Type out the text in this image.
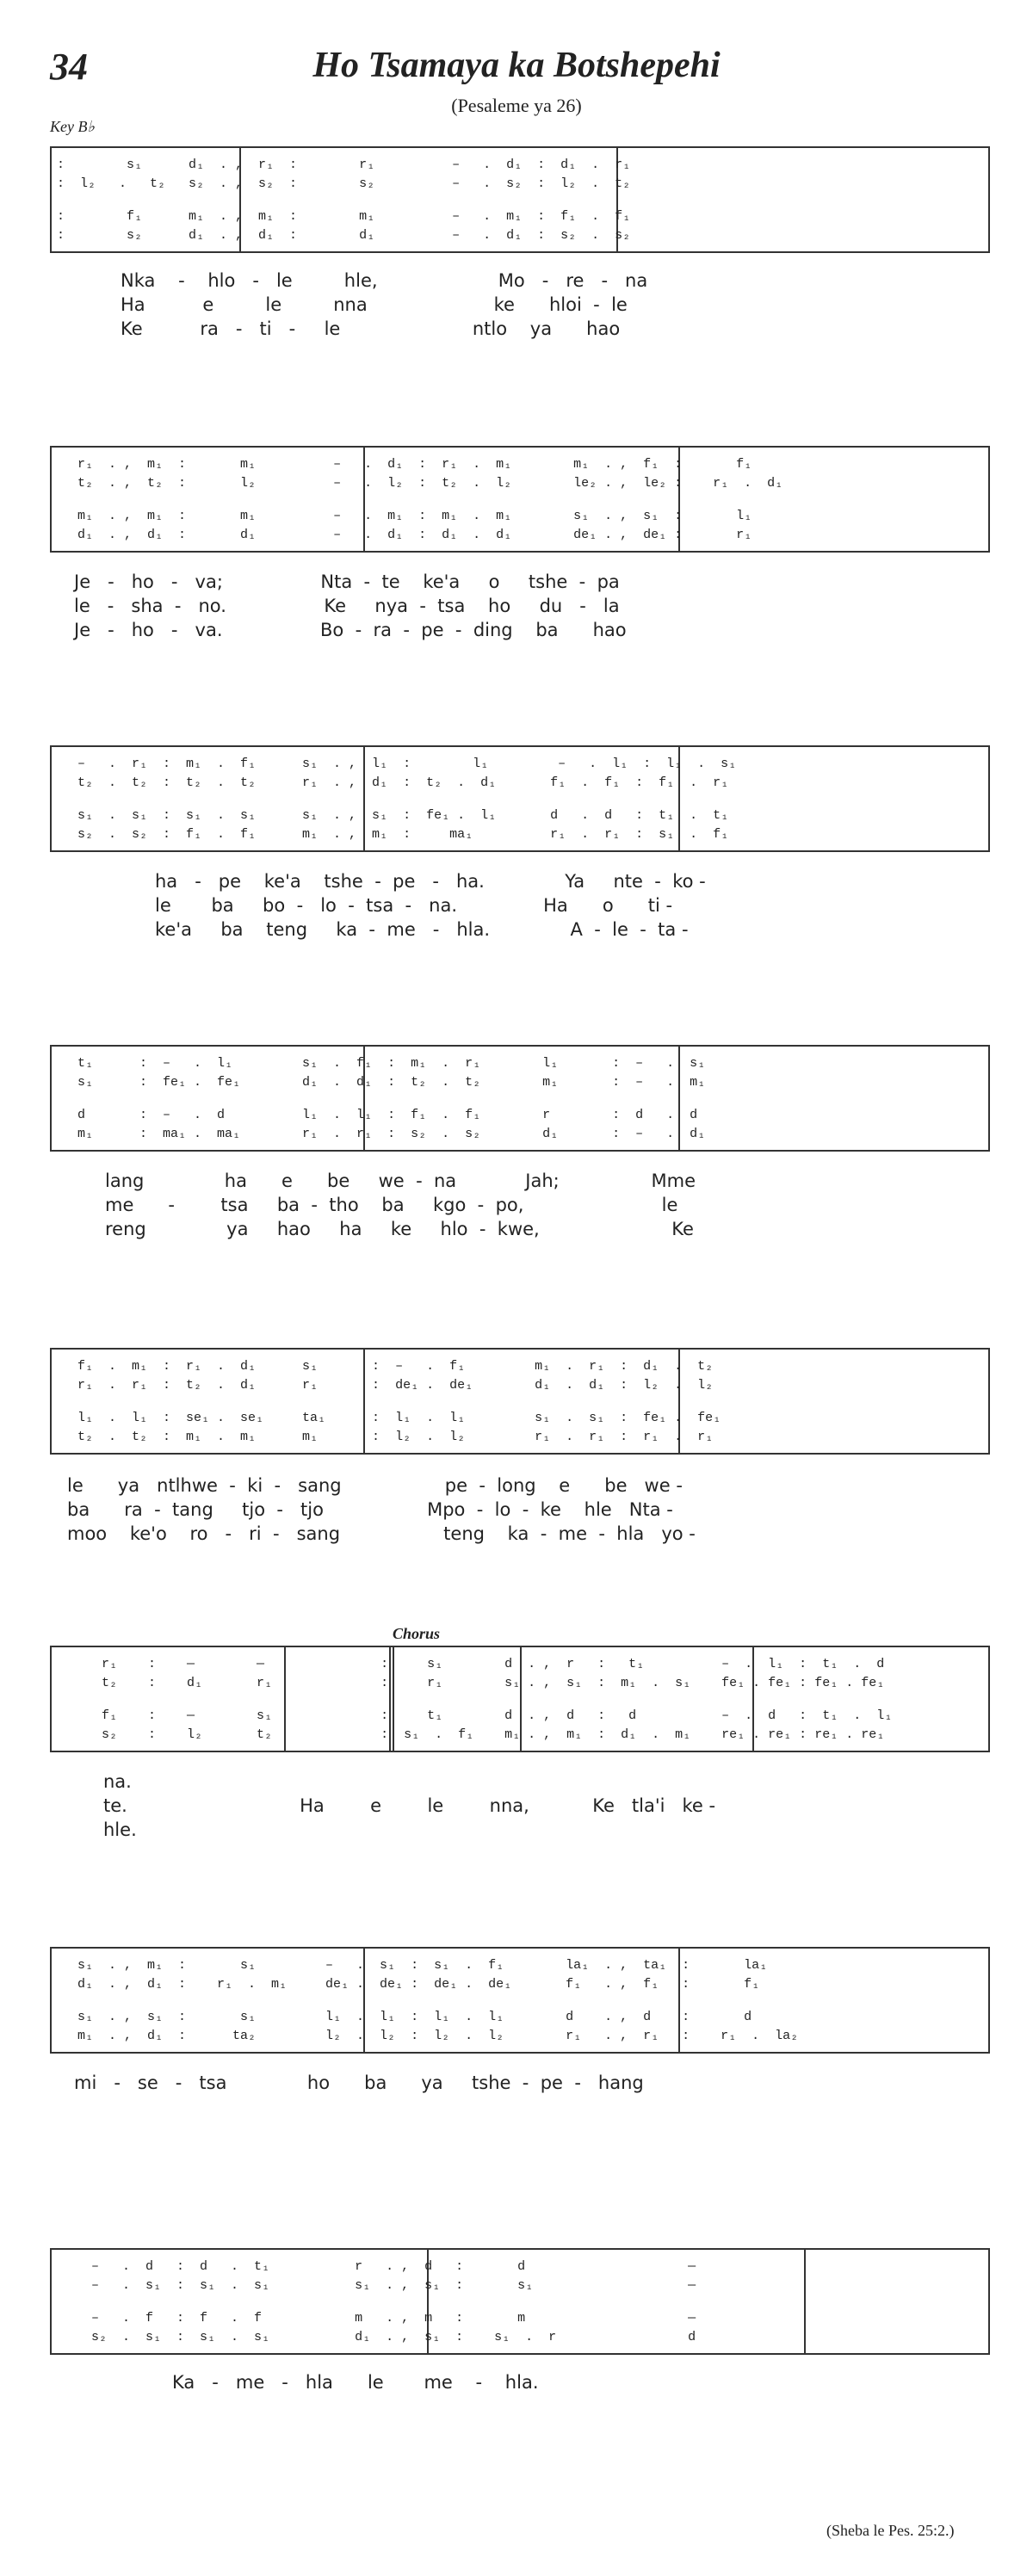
34	Ho Tsamaya ka Botshepehi
(Pesaleme ya 26)
Key B♭
:        s₁      d₁  . ,  r₁  :        r₁          –   .  d₁  :  d₁  .  r₁
:  l₂   .   t₂   s₂  . ,  s₂  :        s₂          –   .  s₂  :  l₂  .  t₂
:        f₁      m₁  . ,  m₁  :        m₁          –   .  m₁  :  f₁  .  f₁
:        s₂      d₁  . ,  d₁  :        d₁          –   .  d₁  :  s₂  .  s₂
Nka    -    hlo   -   le         hle,                     Mo   -   re   -   na
Ha          e         le         nna                      ke      hloi  -  le
Ke          ra   -   ti   -     le                       ntlo    ya      hao
r₁  . ,  m₁  :       m₁          –   .  d₁  :  r₁  .  m₁        m₁  . ,  f₁  :       f₁
t₂  . ,  t₂  :       l₂          –   .  l₂  :  t₂  .  l₂        le₂ . ,  le₂ :    r₁  .  d₁
m₁  . ,  m₁  :       m₁          –   .  m₁  :  m₁  .  m₁        s₁  . ,  s₁  :       l₁
d₁  . ,  d₁  :       d₁          –   .  d₁  :  d₁  .  d₁        de₁ . ,  de₁ :       r₁
Je   -   ho   -   va;                 Nta  -  te    ke'a     o     tshe  -  pa
le   -   sha  -   no.                 Ke     nya  -  tsa    ho     du   -   la
Je   -   ho   -   va.                 Bo  -  ra  -  pe  -  ding    ba      hao
–   .  r₁  :  m₁  .  f₁      s₁  . ,  l₁  :        l₁         –   .  l₁  :  l₁  .  s₁
t₂  .  t₂  :  t₂  .  t₂      r₁  . ,  d₁  :  t₂  .  d₁       f₁  .  f₁  :  f₁  .  r₁
s₁  .  s₁  :  s₁  .  s₁      s₁  . ,  s₁  :  fe₁ .  l₁       d   .  d   :  t₁  .  t₁
s₂  .  s₂  :  f₁  .  f₁      m₁  . ,  m₁  :     ma₁          r₁  .  r₁  :  s₁  .  f₁
ha   -   pe    ke'a    tshe  -  pe   -   ha.              Ya     nte  -  ko -
le       ba     bo  -   lo  -  tsa  -   na.               Ha      o      ti -
ke'a     ba    teng     ka  -  me   -   hla.              A  -  le  -  ta -
t₁      :  –   .  l₁         s₁  .  f₁  :  m₁  .  r₁        l₁       :  –   .  s₁
s₁      :  fe₁ .  fe₁        d₁  .  d₁  :  t₂  .  t₂        m₁       :  –   .  m₁
d       :  –   .  d          l₁  .  l₁  :  f₁  .  f₁        r        :  d   .  d
m₁      :  ma₁ .  ma₁        r₁  .  r₁  :  s₂  .  s₂        d₁       :  –   .  d₁
lang              ha      e      be     we  -  na            Jah;                Mme
me      -        tsa     ba  -  tho    ba     kgo  -  po,                        le
reng              ya     hao     ha     ke     hlo  -  kwe,                       Ke
f₁  .  m₁  :  r₁  .  d₁      s₁       :  –   .  f₁         m₁  .  r₁  :  d₁  .  t₂
r₁  .  r₁  :  t₂  .  d₁      r₁       :  de₁ .  de₁        d₁  .  d₁  :  l₂  .  l₂
l₁  .  l₁  :  se₁ .  se₁     ta₁      :  l₁  .  l₁         s₁  .  s₁  :  fe₁ .  fe₁
t₂  .  t₂  :  m₁  .  m₁      m₁       :  l₂  .  l₂         r₁  .  r₁  :  r₁  .  r₁
le      ya   ntlhwe  -  ki  -   sang                  pe  -  long    e      be   we -
ba      ra  -  tang     tjo  -   tjo                  Mpo  -  lo  -  ke    hle   Nta -
moo    ke'o    ro   -   ri  -   sang                  teng    ka  -  me  -  hla   yo -
Chorus
r₁    :    —        —	:     s₁        d  . ,  r   :   t₁          –  .  l₁  :  t₁  .  d
t₂    :    d₁       r₁	:     r₁        s₁ . ,  s₁  :  m₁  .  s₁    fe₁ . fe₁ : fe₁ . fe₁
f₁    :    —        s₁	:     t₁        d  . ,  d   :   d           –  .  d   :  t₁  .  l₁
s₂    :    l₂       t₂	:  s₁  .  f₁    m₁ . ,  m₁  :  d₁  .  m₁    re₁ . re₁ : re₁ . re₁
na.
te.                              Ha        e        le        nna,           Ke   tla'i   ke -
hle.
s₁  . ,  m₁  :       s₁         –   .  s₁  :  s₁  .  f₁        la₁  . ,  ta₁  :       la₁
d₁  . ,  d₁  :    r₁  .  m₁     de₁ .  de₁ :  de₁ .  de₁       f₁   . ,  f₁   :       f₁
s₁  . ,  s₁  :       s₁         l₁  .  l₁  :  l₁  .  l₁        d    . ,  d    :       d
m₁  . ,  d₁  :      ta₂         l₂  .  l₂  :  l₂  .  l₂        r₁   . ,  r₁   :    r₁  .  la₂
mi   -   se   -   tsa              ho      ba      ya     tshe  -  pe  -   hang
–   .  d   :  d   .  t₁           r   . ,  d   :       d	—
–   .  s₁  :  s₁  .  s₁           s₁  . ,  s₁  :       s₁	—
–   .  f   :  f   .  f            m   . ,  m   :       m	—
s₂  .  s₁  :  s₁  .  s₁           d₁  . ,  s₁  :    s₁  .  r	d
Ka   -   me   -   hla      le       me    -    hla.
(Sheba le Pes. 25:2.)
